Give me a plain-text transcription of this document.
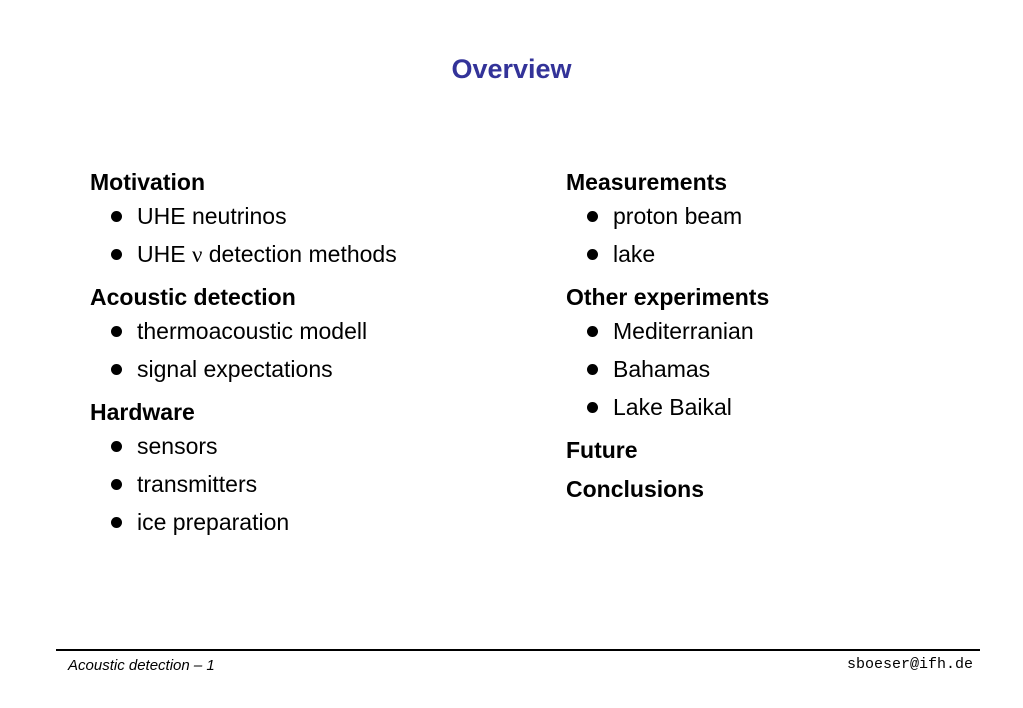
Overview
Motivation
UHE neutrinos
UHE ν detection methods
Acoustic detection
thermoacoustic modell
signal expectations
Hardware
sensors
transmitters
ice preparation
Measurements
proton beam
lake
Other experiments
Mediterranian
Bahamas
Lake Baikal
Future
Conclusions
Acoustic detection – 1	sboeser@ifh.de
